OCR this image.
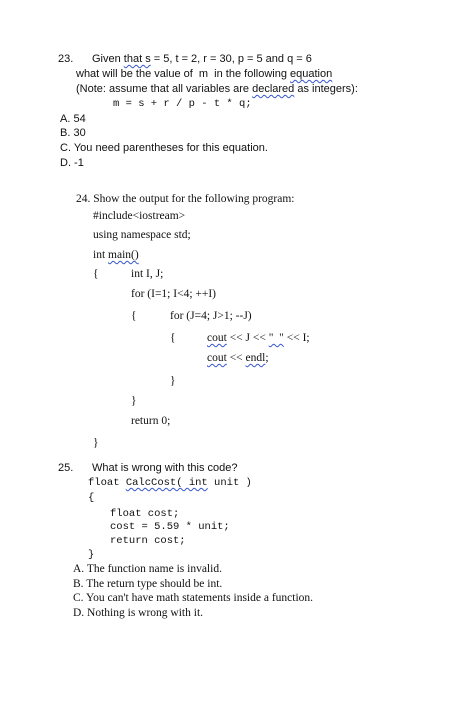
23. Given that s = 5, t = 2, r = 30, p = 5 and q = 6
what will be the value of  m  in the following equation
(Note: assume that all variables are declared as integers):
m = s + r / p - t * q;
A. 54
B. 30
C. You need parentheses for this equation.
D. -1
24. Show the output for the following program:
#include<iostream>
using namespace std;
int main()
{	int I, J;
for (I=1; I<4; ++I)
{	for (J=4; J>1; --J)
{	cout << J << "  " << I;
cout << endl;
}
}
return 0;
}
25. What is wrong with this code?
float CalcCost( int unit )
{
float cost;
cost = 5.59 * unit;
return cost;
}
A. The function name is invalid.
B. The return type should be int.
C. You can't have math statements inside a function.
D. Nothing is wrong with it.
